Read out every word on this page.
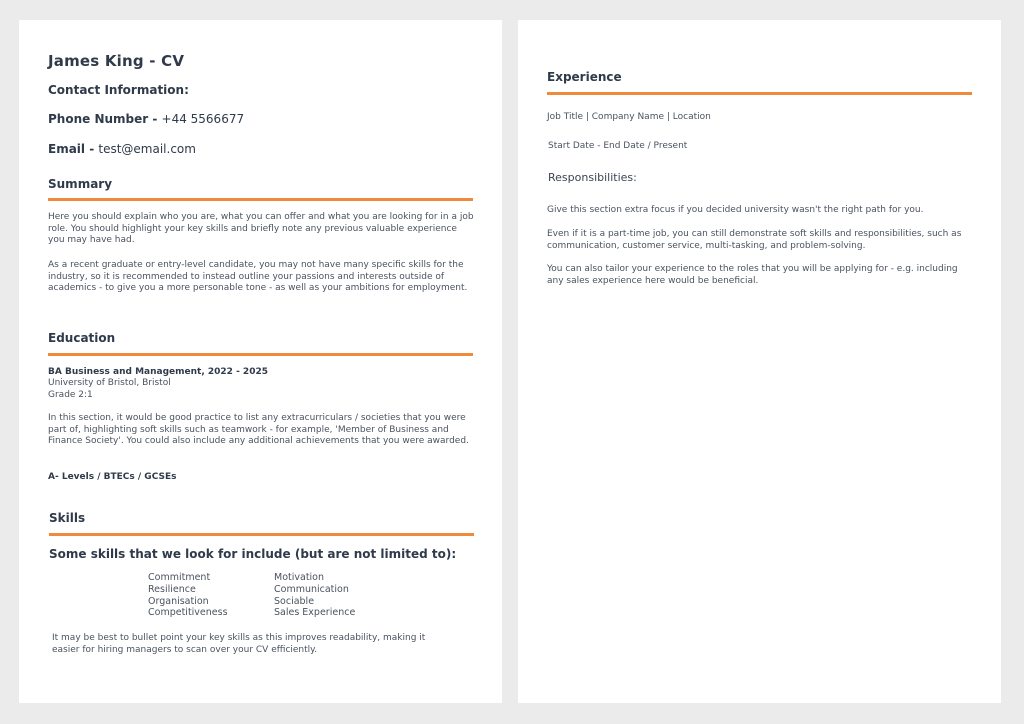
James King - CV
Contact Information:
Phone Number - +44 5566677
Email - test@email.com
Summary
Here you should explain who you are, what you can offer and what you are looking for in a job role. You should highlight your key skills and briefly note any previous valuable experience you may have had.
As a recent graduate or entry-level candidate, you may not have many specific skills for the industry, so it is recommended to instead outline your passions and interests outside of academics - to give you a more personable tone - as well as your ambitions for employment.
Education
BA Business and Management, 2022 - 2025
University of Bristol, Bristol
Grade 2:1
In this section, it would be good practice to list any extracurriculars / societies that you were part of, highlighting soft skills such as teamwork - for example, 'Member of Business and Finance Society'. You could also include any additional achievements that you were awarded.
A- Levels / BTECs / GCSEs
Skills
Some skills that we look for include (but are not limited to):
Commitment
Resilience
Organisation
Competitiveness
Motivation
Communication
Sociable
Sales Experience
It may be best to bullet point your key skills as this improves readability, making it easier for hiring managers to scan over your CV efficiently.
Experience
Job Title | Company Name | Location
Start Date - End Date / Present
Responsibilities:
Give this section extra focus if you decided university wasn't the right path for you.
Even if it is a part-time job, you can still demonstrate soft skills and responsibilities, such as communication, customer service, multi-tasking, and problem-solving.
You can also tailor your experience to the roles that you will be applying for - e.g. including any sales experience here would be beneficial.
